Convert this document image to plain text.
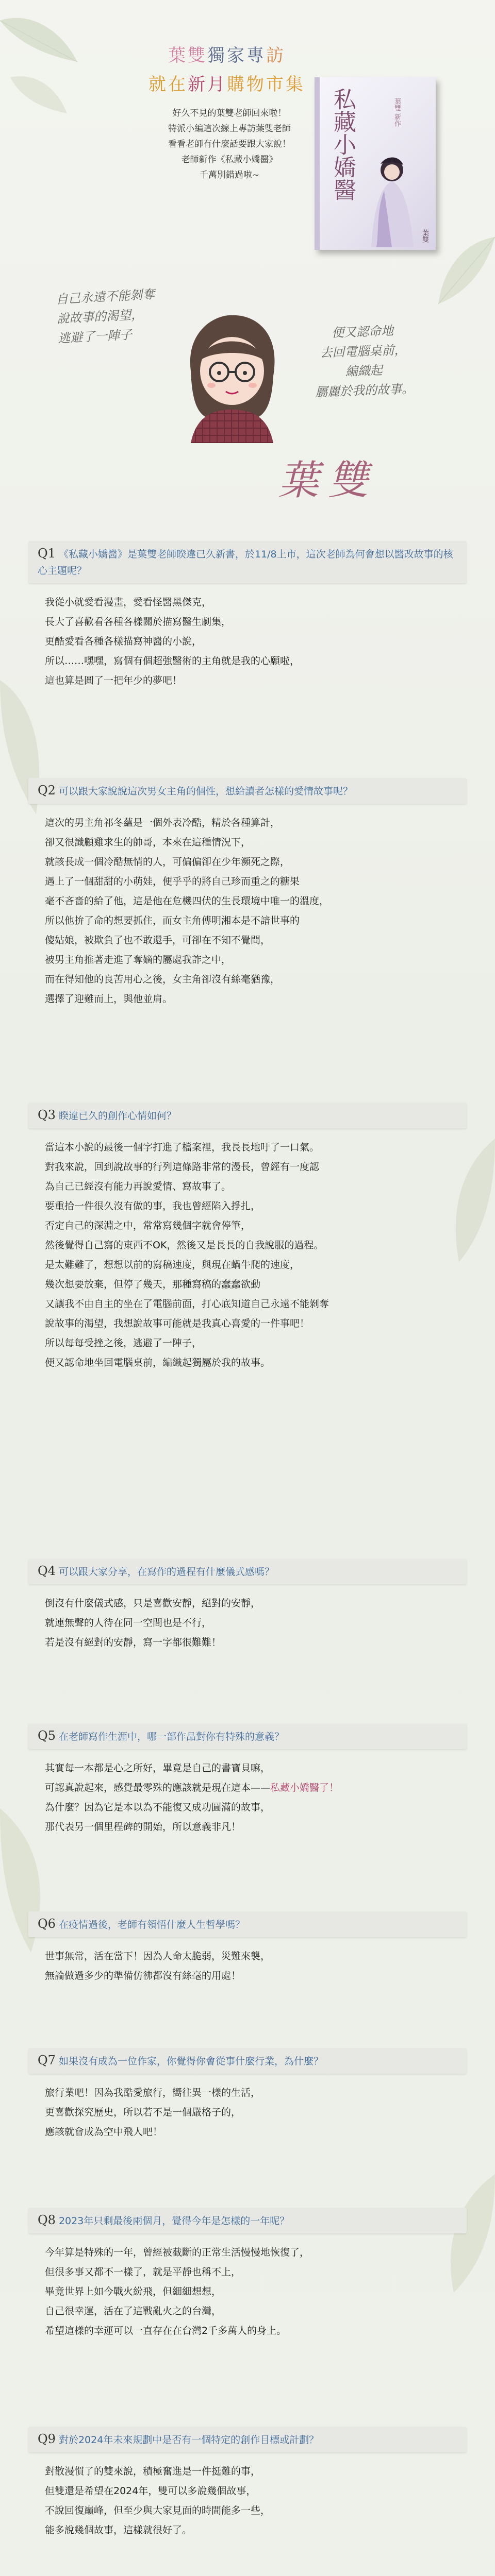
葉雙獨家專訪
就在新月購物市集
好久不見的葉雙老師回來啦！
特派小編這次線上專訪葉雙老師
看看老師有什麼話要跟大家說！
老師新作《私藏小嬌醫》
千萬別錯過啦~	私藏小嬌醫	葉雙 新作
葉雙
自己永遠不能剝奪
說故事的渴望，
逃避了一陣子	便又認命地
去回電腦桌前，
編織起
屬麗於我的故事。
葉雙
Q1 《私藏小嬌醫》是葉雙老師睽違已久新書，於11/8上市，這次老師為何會想以醫改故事的核心主題呢？

我從小就愛看漫畫，愛看怪醫黑傑克，

長大了喜歡看各種各樣關於描寫醫生劇集，

更酷愛看各種各樣描寫神醫的小說，

所以……嘿嘿，寫個有個超強醫術的主角就是我的心願啦，

這也算是圓了一把年少的夢吧！

Q2 可以跟大家說說這次男女主角的個性，想給讀者怎樣的愛情故事呢？

這次的男主角祁冬蘊是一個外表冷酷，精於各種算計，

卻又很識顧雞求生的帥哥，本來在這種情況下，

就該長成一個冷酷無情的人，可偏偏卻在少年瀕死之際，

遇上了一個甜甜的小萌娃，便乎乎的將自己珍而重之的糖果

毫不吝嗇的給了他，這是他在危機四伏的生長環境中唯一的溫度，

所以他拚了命的想要抓住，而女主角傅明湘本是不諳世事的

傻姑娘，被欺負了也不敢還手，可卻在不知不覺間，

被男主角推著走進了奪嫡的屬處我詐之中，

而在得知他的良苦用心之後，女主角卻沒有絲毫猶豫，

選擇了迎難而上，與他並肩。

Q3 睽違已久的創作心情如何？

當這本小說的最後一個字打進了檔案裡，我長長地吁了一口氣。

對我來說，回到說故事的行列這條路非常的漫長，曾經有一度認

為自己已經沒有能力再說愛情、寫故事了。

要重拾一件很久沒有做的事，我也曾經陷入掙扎，

否定自己的深淵之中，常常寫幾個字就會停筆，

然後覺得自己寫的東西不OK，然後又是長長的自我說服的過程。

是太難難了，想想以前的寫稿速度，與現在蝸牛爬的速度，

幾次想要放棄，但停了幾天，那種寫稿的蠢蠢欲動

又讓我不由自主的坐在了電腦前面，打心底知道自己永遠不能剝奪

說故事的渴望，我想說故事可能就是我真心喜愛的一件事吧！

所以每每受挫之後，逃避了一陣子，

便又認命地坐回電腦桌前，編織起獨屬於我的故事。

Q4 可以跟大家分享，在寫作的過程有什麼儀式感嗎？

倒沒有什麼儀式感，只是喜歡安靜，絕對的安靜，

就連無聲的人待在同一空間也是不行，

若是沒有絕對的安靜，寫一字都很難難！

Q5 在老師寫作生涯中，哪一部作品對你有特殊的意義？

其實每一本都是心之所好，畢竟是自己的書寶貝嘛，

可認真說起來，感覺最零殊的應該就是現在這本——私藏小嬌醫了！

為什麼？因為它是本以為不能復又成功圓滿的故事，

那代表另一個里程碑的開始，所以意義非凡！

Q6 在疫情過後，老師有領悟什麼人生哲學嗎？

世事無常，活在當下！因為人命太脆弱，災難來襲，

無論做過多少的準備仿彿都沒有絲毫的用處！

Q7 如果沒有成為一位作家，你覺得你會從事什麼行業，為什麼？

旅行業吧！因為我酷愛旅行，嚮往異一樣的生活，

更喜歡探究歷史，所以若不是一個嚴格子的，

應該就會成為空中飛人吧！

Q8 2023年只剩最後兩個月，覺得今年是怎樣的一年呢？

今年算是特殊的一年，曾經被截斷的正常生活慢慢地恢復了，

但很多事又都不一樣了，就是平靜也稱不上，

畢竟世界上如今戰火紛飛，但細細想想，

自己很幸運，活在了這戰亂火之的台灣，

希望這樣的幸運可以一直存在在台灣2千多萬人的身上。

Q9 對於2024年未來規劃中是否有一個特定的創作目標或計劃？

對散漫慣了的雙來說，積極奮進是一件挺難的事，

但雙還是希望在2024年，雙可以多說幾個故事，

不說回復巔峰，但至少與大家見面的時間能多一些，

能多說幾個故事，這樣就很好了。
